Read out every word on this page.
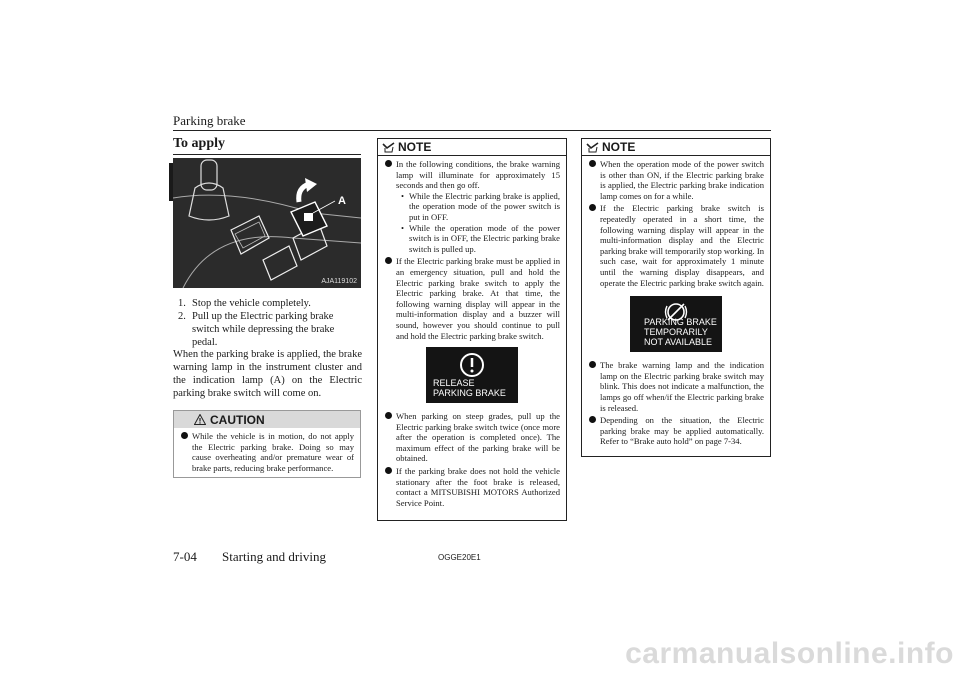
Parking brake
To apply
A
AJA119102
1. Stop the vehicle completely.
2. Pull up the Electric parking brake switch while depressing the brake pedal.

When the parking brake is applied, the brake warning lamp in the instrument cluster and the indication lamp (A) on the Electric parking brake switch will come on.

CAUTION
While the vehicle is in motion, do not apply the Electric parking brake. Doing so may cause overheating and/or premature wear of brake parts, reducing brake performance.
NOTE
In the following conditions, the brake warning lamp will illuminate for approximately 15 seconds and then go off.
• While the Electric parking brake is applied, the operation mode of the power switch is put in OFF.
• While the operation mode of the power switch is in OFF, the Electric parking brake switch is pulled up.
If the Electric parking brake must be applied in an emergency situation, pull and hold the Electric parking brake switch to apply the Electric parking brake. At that time, the following warning display will appear in the multi-information display and a buzzer will sound, however you should continue to pull and hold the Electric parking brake switch.
RELEASE
PARKING BRAKE
When parking on steep grades, pull up the Electric parking brake switch twice (once more after the operation is completed once). The maximum effect of the parking brake will be obtained.
If the parking brake does not hold the vehicle stationary after the foot brake is released, contact a MITSUBISHI MOTORS Authorized Service Point.
NOTE
When the operation mode of the power switch is other than ON, if the Electric parking brake is applied, the Electric parking brake indication lamp comes on for a while.
If the Electric parking brake switch is repeatedly operated in a short time, the following warning display will appear in the multi-information display and the Electric parking brake will temporarily stop working. In such case, wait for approximately 1 minute until the warning display disappears, and operate the Electric parking brake switch again.
PARKING BRAKE
TEMPORARILY
NOT AVAILABLE
The brake warning lamp and the indication lamp on the Electric parking brake switch may blink. This does not indicate a malfunction, the lamps go off when/if the Electric parking brake is released.
Depending on the situation, the Electric parking brake may be applied automatically. Refer to “Brake auto hold” on page 7-34.
7-04 Starting and driving	OGGE20E1
carmanualsonline.info
